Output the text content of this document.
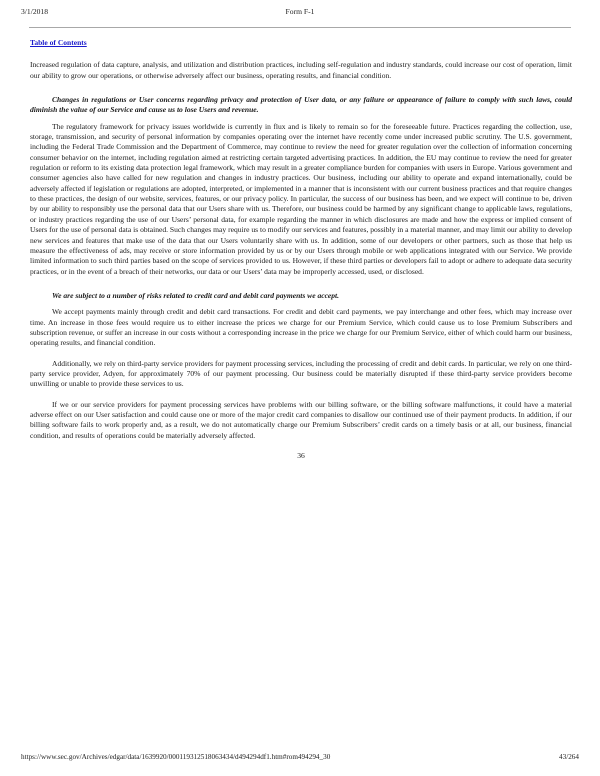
3/1/2018	Form F-1
Table of Contents

Increased regulation of data capture, analysis, and utilization and distribution practices, including self-regulation and industry standards, could increase our cost of operation, limit our ability to grow our operations, or otherwise adversely affect our business, operating results, and financial condition.

Changes in regulations or User concerns regarding privacy and protection of User data, or any failure or appearance of failure to comply with such laws, could diminish the value of our Service and cause us to lose Users and revenue.

The regulatory framework for privacy issues worldwide is currently in flux and is likely to remain so for the foreseeable future. Practices regarding the collection, use, storage, transmission, and security of personal information by companies operating over the internet have recently come under increased public scrutiny. The U.S. government, including the Federal Trade Commission and the Department of Commerce, may continue to review the need for greater regulation over the collection of information concerning consumer behavior on the internet, including regulation aimed at restricting certain targeted advertising practices. In addition, the EU may continue to review the need for greater regulation or reform to its existing data protection legal framework, which may result in a greater compliance burden for companies with users in Europe. Various government and consumer agencies also have called for new regulation and changes in industry practices. Our business, including our ability to operate and expand internationally, could be adversely affected if legislation or regulations are adopted, interpreted, or implemented in a manner that is inconsistent with our current business practices and that require changes to these practices, the design of our website, services, features, or our privacy policy. In particular, the success of our business has been, and we expect will continue to be, driven by our ability to responsibly use the personal data that our Users share with us. Therefore, our business could be harmed by any significant change to applicable laws, regulations, or industry practices regarding the use of our Users’ personal data, for example regarding the manner in which disclosures are made and how the express or implied consent of Users for the use of personal data is obtained. Such changes may require us to modify our services and features, possibly in a material manner, and may limit our ability to develop new services and features that make use of the data that our Users voluntarily share with us. In addition, some of our developers or other partners, such as those that help us measure the effectiveness of ads, may receive or store information provided by us or by our Users through mobile or web applications integrated with our Service. We provide limited information to such third parties based on the scope of services provided to us. However, if these third parties or developers fail to adopt or adhere to adequate data security practices, or in the event of a breach of their networks, our data or our Users’ data may be improperly accessed, used, or disclosed.

We are subject to a number of risks related to credit card and debit card payments we accept.

We accept payments mainly through credit and debit card transactions. For credit and debit card payments, we pay interchange and other fees, which may increase over time. An increase in those fees would require us to either increase the prices we charge for our Premium Service, which could cause us to lose Premium Subscribers and subscription revenue, or suffer an increase in our costs without a corresponding increase in the price we charge for our Premium Service, either of which could harm our business, operating results, and financial condition.

Additionally, we rely on third-party service providers for payment processing services, including the processing of credit and debit cards. In particular, we rely on one third-party service provider, Adyen, for approximately 70% of our payment processing. Our business could be materially disrupted if these third-party service providers become unwilling or unable to provide these services to us.

If we or our service providers for payment processing services have problems with our billing software, or the billing software malfunctions, it could have a material adverse effect on our User satisfaction and could cause one or more of the major credit card companies to disallow our continued use of their payment products. In addition, if our billing software fails to work properly and, as a result, we do not automatically charge our Premium Subscribers’ credit cards on a timely basis or at all, our business, financial condition, and results of operations could be materially adversely affected.

36
https://www.sec.gov/Archives/edgar/data/1639920/000119312518063434/d494294df1.htm#rom494294_30	43/264
